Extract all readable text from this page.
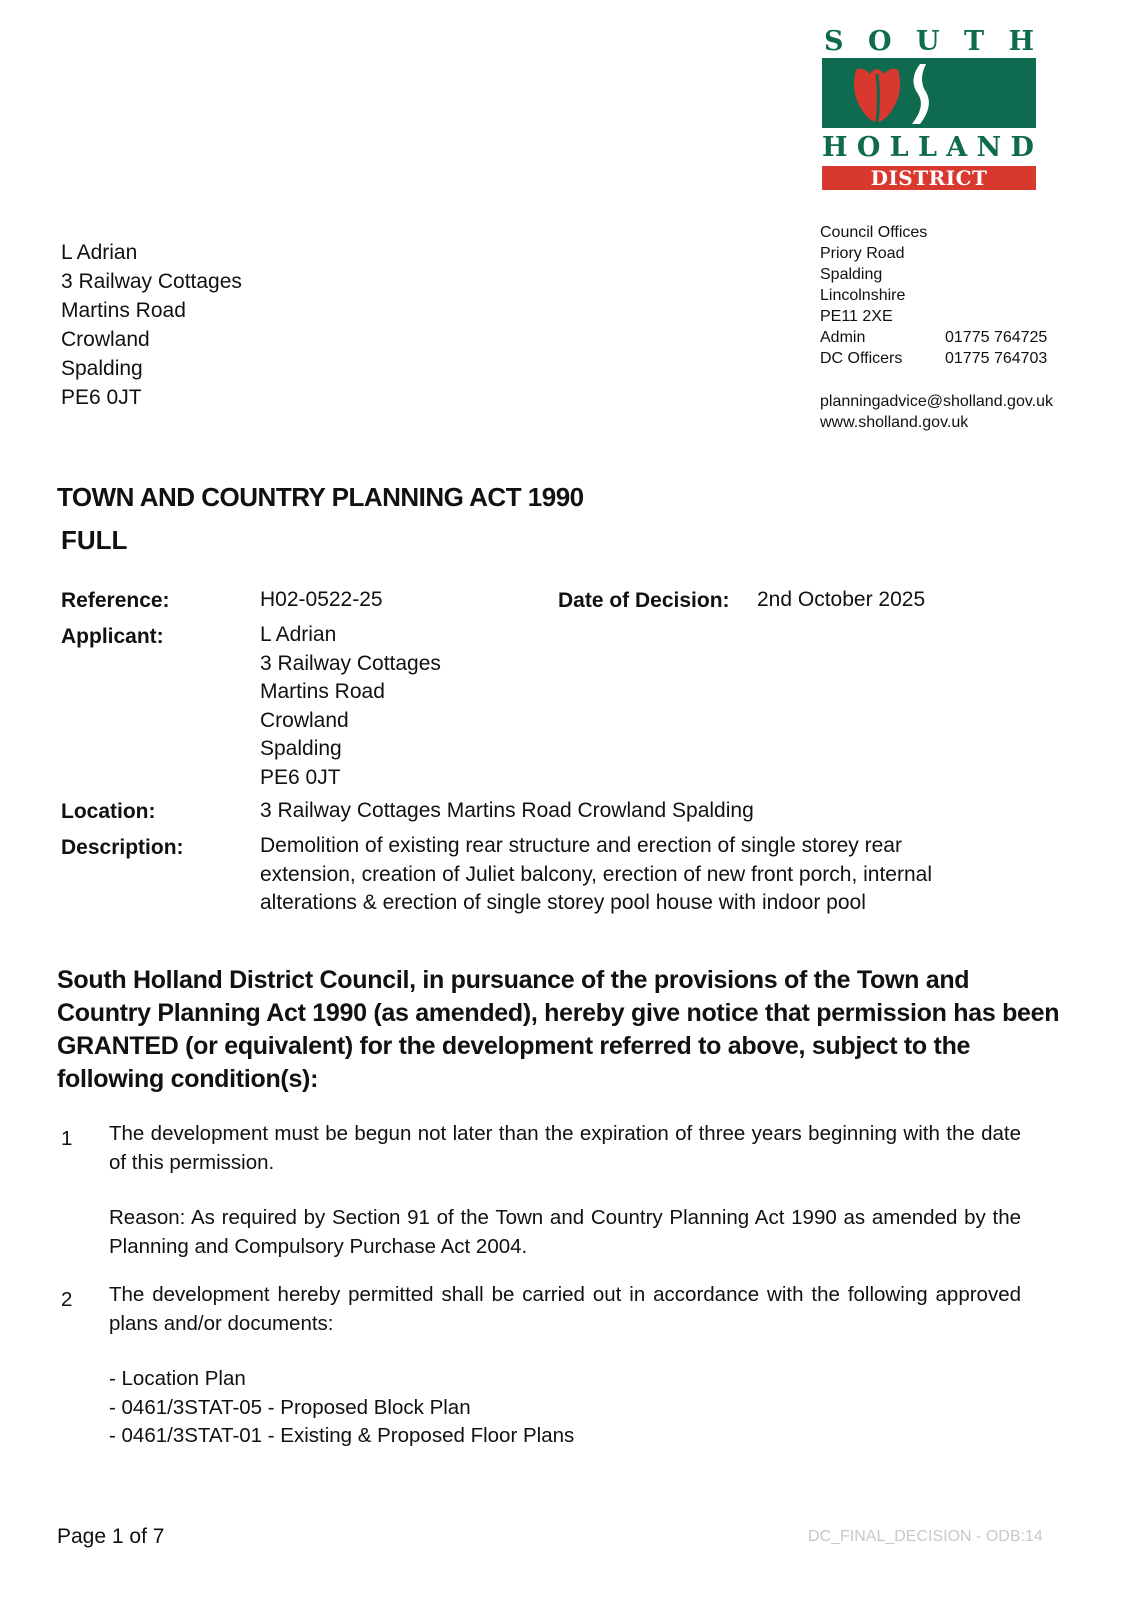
S O U T H
H O L L A N D
DISTRICT COUNCIL
L Adrian
3 Railway Cottages
Martins Road
Crowland
Spalding
PE6 0JT
Council Offices
Priory Road
Spalding
Lincolnshire
PE11 2XE
Admin	01775 764725
DC Officers	01775 764703
planningadvice@sholland.gov.uk
www.sholland.gov.uk
TOWN AND COUNTRY PLANNING ACT 1990
FULL
Reference:	H02-0522-25	Date of Decision: 2nd October 2025
Applicant:	L Adrian
3 Railway Cottages
Martins Road
Crowland
Spalding
PE6 0JT
Location:	3 Railway Cottages Martins Road Crowland Spalding
Description:	Demolition of existing rear structure and erection of single storey rear
extension, creation of Juliet balcony, erection of new front porch, internal
alterations & erection of single storey pool house with indoor pool
South Holland District Council, in pursuance of the provisions of the Town and Country Planning Act 1990 (as amended), hereby give notice that permission has been GRANTED (or equivalent) for the development referred to above, subject to the following condition(s):
1 The development must be begun not later than the expiration of three years beginning with the date of this permission.
Reason: As required by Section 91 of the Town and Country Planning Act 1990 as amended by the Planning and Compulsory Purchase Act 2004.
2 The development hereby permitted shall be carried out in accordance with the following approved plans and/or documents:
- Location Plan
- 0461/3STAT-05 - Proposed Block Plan
- 0461/3STAT-01 - Existing & Proposed Floor Plans
Page 1 of 7	DC_FINAL_DECISION - ODB:14
